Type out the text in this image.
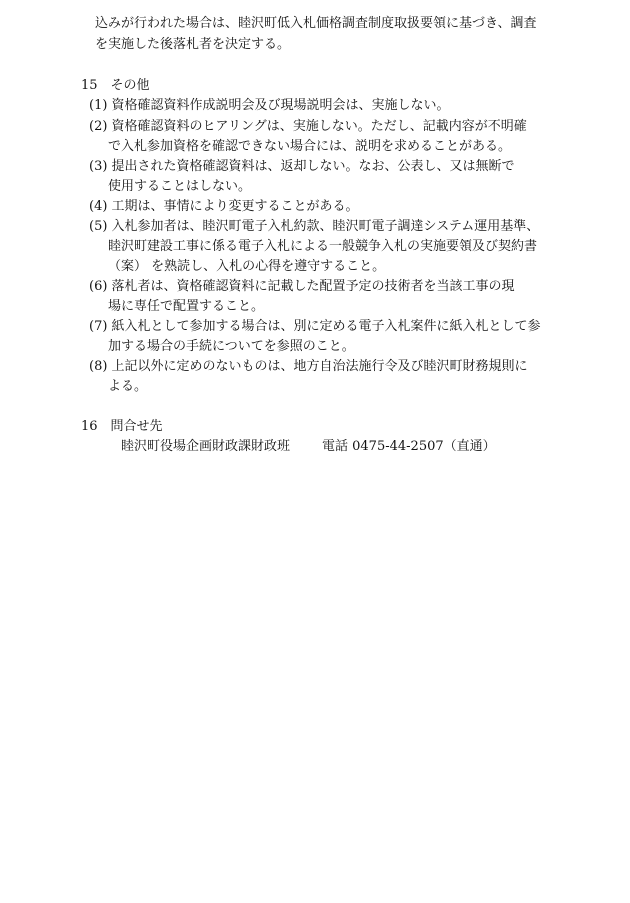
込みが行われた場合は、睦沢町低入札価格調査制度取扱要領に基づき、調査
を実施した後落札者を決定する。
15　その他
(1) 資格確認資料作成説明会及び現場説明会は、実施しない。
(2) 資格確認資料のヒアリングは、実施しない。ただし、記載内容が不明確
で入札参加資格を確認できない場合には、説明を求めることがある。
(3) 提出された資格確認資料は、返却しない。なお、公表し、又は無断で
使用することはしない。
(4) 工期は、事情により変更することがある。
(5) 入札参加者は、睦沢町電子入札約款、睦沢町電子調達システム運用基準、
睦沢町建設工事に係る電子入札による一般競争入札の実施要領及び契約書
（案） を熟読し、入札の心得を遵守すること。
(6) 落札者は、資格確認資料に記載した配置予定の技術者を当該工事の現
場に専任で配置すること。
(7) 紙入札として参加する場合は、別に定める電子入札案件に紙入札として参
加する場合の手続についてを参照のこと。
(8) 上記以外に定めのないものは、地方自治法施行令及び睦沢町財務規則に
よる。
16　問合せ先
睦沢町役場企画財政課財政班 電話 0475-44-2507（直通）
